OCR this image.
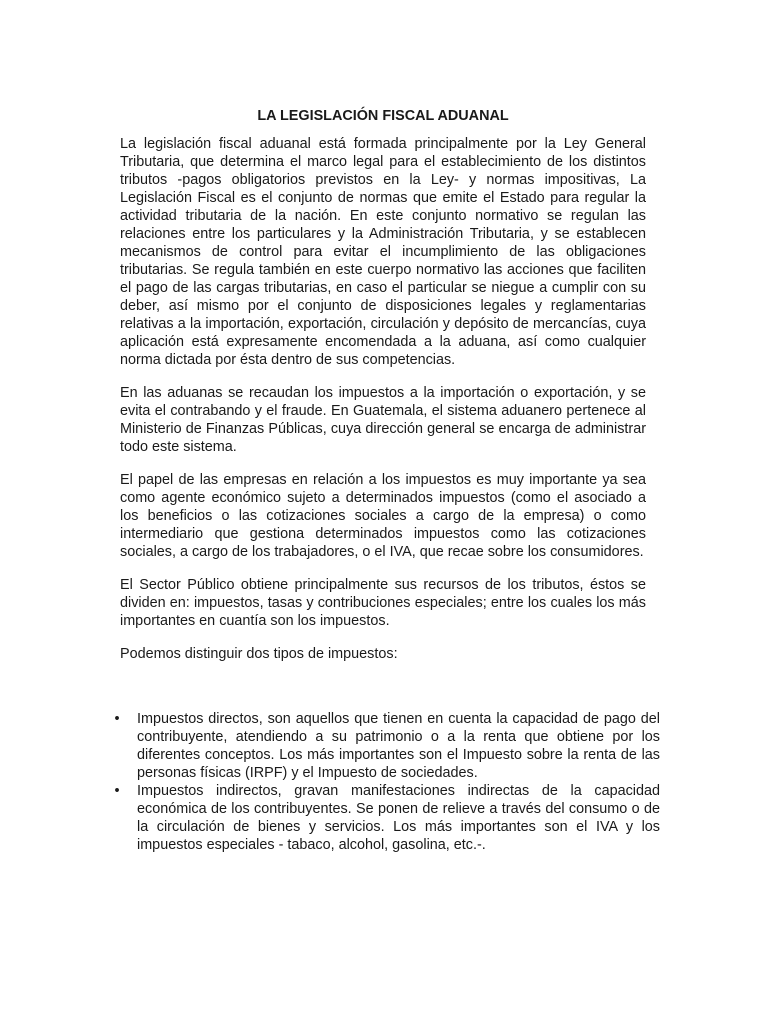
LA LEGISLACIÓN FISCAL ADUANAL

La legislación fiscal aduanal está formada principalmente por la Ley General Tributaria, que determina el marco legal para el establecimiento de los distintos tributos -pagos obligatorios previstos en la Ley- y normas impositivas, La Legislación Fiscal es el conjunto de normas que emite el Estado para regular la actividad tributaria de la nación. En este conjunto normativo se regulan las relaciones entre los particulares y la Administración Tributaria, y se establecen mecanismos de control para evitar el incumplimiento de las obligaciones tributarias. Se regula también en este cuerpo normativo las acciones que faciliten el pago de las cargas tributarias, en caso el particular se niegue a cumplir con su deber, así mismo por el conjunto de disposiciones legales y reglamentarias relativas a la importación, exportación, circulación y depósito de mercancías, cuya aplicación está expresamente encomendada a la aduana, así como cualquier norma dictada por ésta dentro de sus competencias.

En las aduanas se recaudan los impuestos a la importación o exportación, y se evita el contrabando y el fraude. En Guatemala, el sistema aduanero pertenece al Ministerio de Finanzas Públicas, cuya dirección general se encarga de administrar todo este sistema.

El papel de las empresas en relación a los impuestos es muy importante ya sea como agente económico sujeto a determinados impuestos (como el asociado a los beneficios o las cotizaciones sociales a cargo de la empresa) o como intermediario que gestiona determinados impuestos como las cotizaciones sociales, a cargo de los trabajadores, o el IVA, que recae sobre los consumidores.

El Sector Público obtiene principalmente sus recursos de los tributos, éstos se dividen en: impuestos, tasas y contribuciones especiales; entre los cuales los más importantes en cuantía son los impuestos.

Podemos distinguir dos tipos de impuestos:

• Impuestos directos, son aquellos que tienen en cuenta la capacidad de pago del contribuyente, atendiendo a su patrimonio o a la renta que obtiene por los diferentes conceptos. Los más importantes son el Impuesto sobre la renta de las personas físicas (IRPF) y el Impuesto de sociedades.
• Impuestos indirectos, gravan manifestaciones indirectas de la capacidad económica de los contribuyentes. Se ponen de relieve a través del consumo o de la circulación de bienes y servicios. Los más importantes son el IVA y los impuestos especiales - tabaco, alcohol, gasolina, etc.-.
